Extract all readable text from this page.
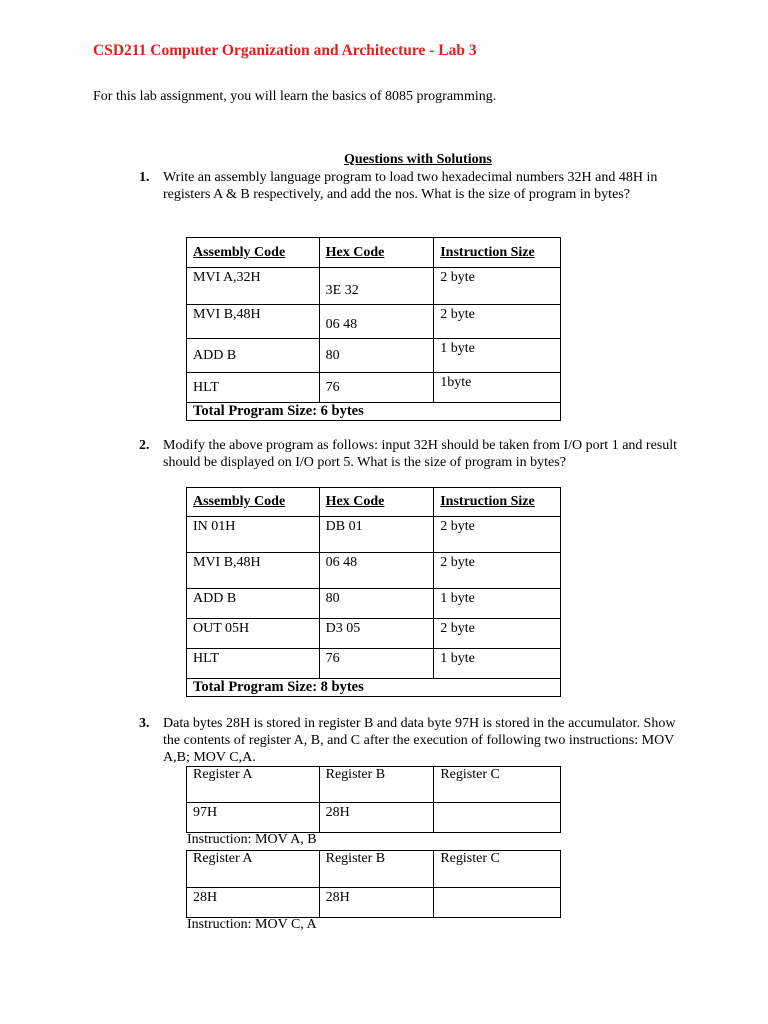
CSD211 Computer Organization and Architecture - Lab 3
For this lab assignment, you will learn the basics of 8085 programming.
Questions with Solutions
1. Write an assembly language program to load two hexadecimal numbers 32H and 48H in registers A & B respectively, and add the nos. What is the size of program in bytes?
Assembly Code	Hex Code	Instruction Size
MVI A,32H	3E 32	2 byte
MVI B,48H	06 48	2 byte
ADD B	80	1 byte
HLT	76	1byte
Total Program Size: 6 bytes		
2. Modify the above program as follows: input 32H should be taken from I/O port 1 and result should be displayed on I/O port 5. What is the size of program in bytes?
Assembly Code	Hex Code	Instruction Size
IN 01H	DB 01	2 byte
MVI B,48H	06 48	2 byte
ADD B	80	1 byte
OUT 05H	D3 05	2 byte
HLT	76	1 byte
Total Program Size: 8 bytes		
3. Data bytes 28H is stored in register B and data byte 97H is stored in the accumulator. Show the contents of register A, B, and C after the execution of following two instructions: MOV A,B; MOV C,A.
Register A	Register B	Register C
97H	28H	
Instruction: MOV A, B
Register A	Register B	Register C
28H	28H	
Instruction: MOV C, A
